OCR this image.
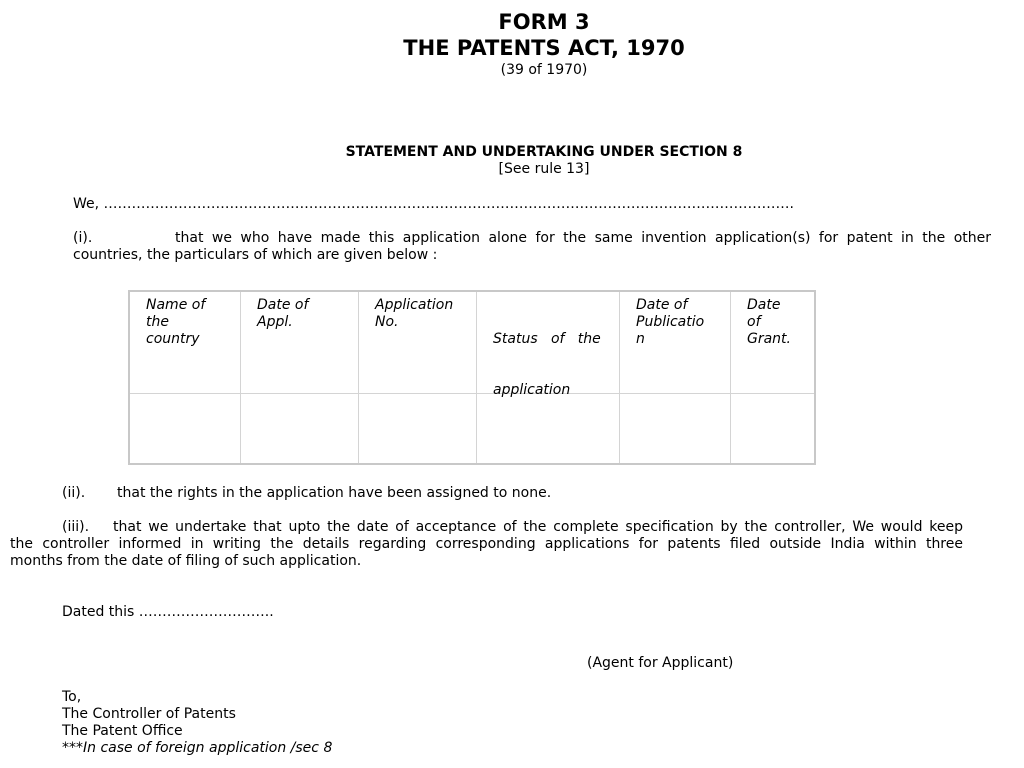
FORM 3
THE PATENTS ACT, 1970
(39 of 1970)
STATEMENT AND UNDERTAKING UNDER SECTION 8
[See rule 13]
We, ………………………………………………………………………………………………………………………………….
(i).	that we who have made this application alone for the same invention application(s) for patent in the other
countries, the particulars of which are given below :
Name of
the
country
Date of
Appl.
Application
No.

Status   of   the

application

Date of
Publicatio
n
Date
of
Grant.
(ii). that the rights in the application have been assigned to none.
(iii). that we undertake that upto the date of acceptance of the complete specification by the controller, We would keep
the controller informed in writing the details regarding corresponding applications for patents filed outside India within three
months from the date of filing of such application.
Dated this ………………………..
(Agent for Applicant)
To,
The Controller of Patents
The Patent Office
***In case of foreign application /sec 8
